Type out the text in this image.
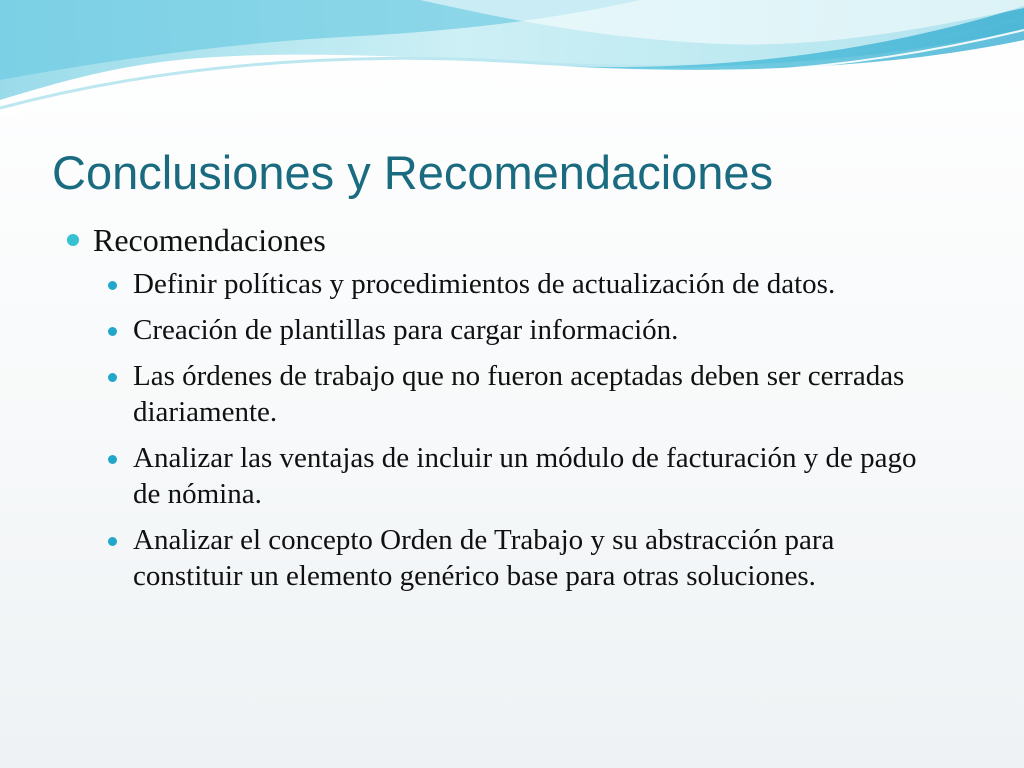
Conclusiones y Recomendaciones
Recomendaciones
Definir políticas y procedimientos de actualización de datos.
Creación de plantillas para cargar información.
Las órdenes de trabajo que no fueron aceptadas deben ser cerradas diariamente.
Analizar las ventajas de incluir un módulo de facturación y de pago de nómina.
Analizar el concepto Orden de Trabajo y su abstracción para constituir un elemento genérico base para otras soluciones.
